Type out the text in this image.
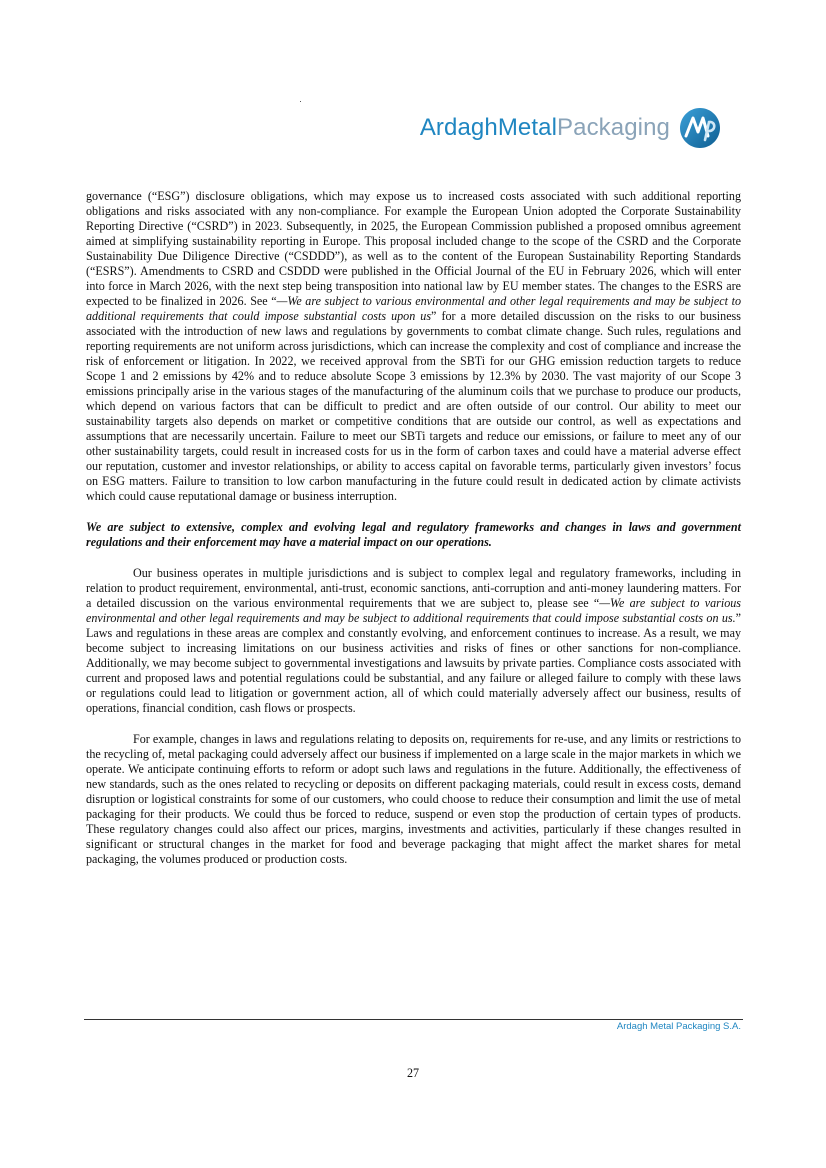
ArdaghMetalPackaging

governance (“ESG”) disclosure obligations, which may expose us to increased costs associated with such additional reporting obligations and risks associated with any non-compliance. For example the European Union adopted the Corporate Sustainability Reporting Directive (“CSRD”) in 2023. Subsequently, in 2025, the European Commission published a proposed omnibus agreement aimed at simplifying sustainability reporting in Europe. This proposal included change to the scope of the CSRD and the Corporate Sustainability Due Diligence Directive (“CSDDD”), as well as to the content of the European Sustainability Reporting Standards (“ESRS”). Amendments to CSRD and CSDDD were published in the Official Journal of the EU in February 2026, which will enter into force in March 2026, with the next step being transposition into national law by EU member states. The changes to the ESRS are expected to be finalized in 2026. See “—We are subject to various environmental and other legal requirements and may be subject to additional requirements that could impose substantial costs upon us” for a more detailed discussion on the risks to our business associated with the introduction of new laws and regulations by governments to combat climate change. Such rules, regulations and reporting requirements are not uniform across jurisdictions, which can increase the complexity and cost of compliance and increase the risk of enforcement or litigation. In 2022, we received approval from the SBTi for our GHG emission reduction targets to reduce Scope 1 and 2 emissions by 42% and to reduce absolute Scope 3 emissions by 12.3% by 2030. The vast majority of our Scope 3 emissions principally arise in the various stages of the manufacturing of the aluminum coils that we purchase to produce our products, which depend on various factors that can be difficult to predict and are often outside of our control. Our ability to meet our sustainability targets also depends on market or competitive conditions that are outside our control, as well as expectations and assumptions that are necessarily uncertain. Failure to meet our SBTi targets and reduce our emissions, or failure to meet any of our other sustainability targets, could result in increased costs for us in the form of carbon taxes and could have a material adverse effect our reputation, customer and investor relationships, or ability to access capital on favorable terms, particularly given investors’ focus on ESG matters. Failure to transition to low carbon manufacturing in the future could result in dedicated action by climate activists which could cause reputational damage or business interruption.

We are subject to extensive, complex and evolving legal and regulatory frameworks and changes in laws and government regulations and their enforcement may have a material impact on our operations.

Our business operates in multiple jurisdictions and is subject to complex legal and regulatory frameworks, including in relation to product requirement, environmental, anti-trust, economic sanctions, anti-corruption and anti-money laundering matters. For a detailed discussion on the various environmental requirements that we are subject to, please see “—We are subject to various environmental and other legal requirements and may be subject to additional requirements that could impose substantial costs on us.” Laws and regulations in these areas are complex and constantly evolving, and enforcement continues to increase. As a result, we may become subject to increasing limitations on our business activities and risks of fines or other sanctions for non-compliance. Additionally, we may become subject to governmental investigations and lawsuits by private parties. Compliance costs associated with current and proposed laws and potential regulations could be substantial, and any failure or alleged failure to comply with these laws or regulations could lead to litigation or government action, all of which could materially adversely affect our business, results of operations, financial condition, cash flows or prospects.

For example, changes in laws and regulations relating to deposits on, requirements for re-use, and any limits or restrictions to the recycling of, metal packaging could adversely affect our business if implemented on a large scale in the major markets in which we operate. We anticipate continuing efforts to reform or adopt such laws and regulations in the future. Additionally, the effectiveness of new standards, such as the ones related to recycling or deposits on different packaging materials, could result in excess costs, demand disruption or logistical constraints for some of our customers, who could choose to reduce their consumption and limit the use of metal packaging for their products. We could thus be forced to reduce, suspend or even stop the production of certain types of products. These regulatory changes could also affect our prices, margins, investments and activities, particularly if these changes resulted in significant or structural changes in the market for food and beverage packaging that might affect the market shares for metal packaging, the volumes produced or production costs.

Ardagh Metal Packaging S.A.
27
